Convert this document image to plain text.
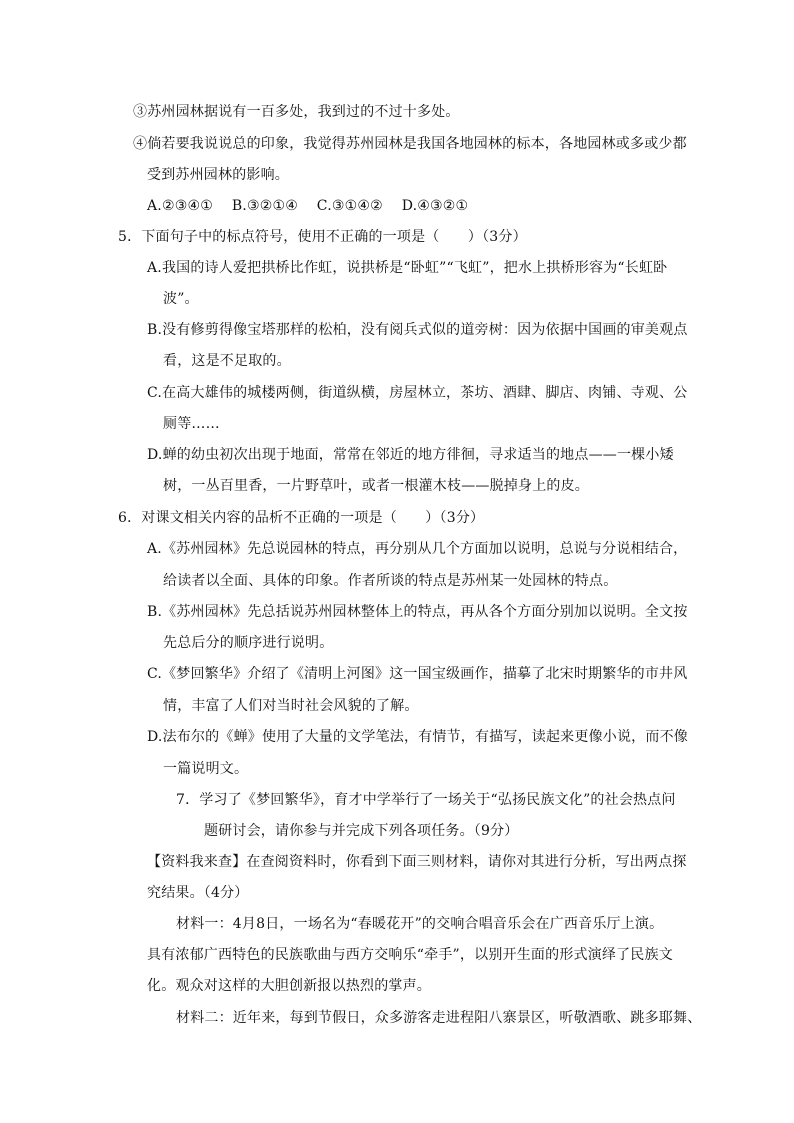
③苏州园林据说有一百多处，我到过的不过十多处。
④倘若要我说说总的印象，我觉得苏州园林是我国各地园林的标本，各地园林或多或少都
受到苏州园林的影响。
A.②③④①　 B.③②①④　 C.③①④②　 D.④③②①
5．下面句子中的标点符号，使用不正确的一项是（　　）（3分）
A.我国的诗人爱把拱桥比作虹，说拱桥是“卧虹”“飞虹”，把水上拱桥形容为“长虹卧
波”。
B.没有修剪得像宝塔那样的松柏，没有阅兵式似的道旁树：因为依据中国画的审美观点
看，这是不足取的。
C.在高大雄伟的城楼两侧，街道纵横，房屋林立，茶坊、酒肆、脚店、肉铺、寺观、公
厕等……
D.蝉的幼虫初次出现于地面，常常在邻近的地方徘徊，寻求适当的地点——一棵小矮
树，一丛百里香，一片野草叶，或者一根灌木枝——脱掉身上的皮。
6．对课文相关内容的品析不正确的一项是（　　）（3分）
A.《苏州园林》先总说园林的特点，再分别从几个方面加以说明，总说与分说相结合，
给读者以全面、具体的印象。作者所谈的特点是苏州某一处园林的特点。
B.《苏州园林》先总括说苏州园林整体上的特点，再从各个方面分别加以说明。全文按
先总后分的顺序进行说明。
C.《梦回繁华》介绍了《清明上河图》这一国宝级画作，描摹了北宋时期繁华的市井风
情，丰富了人们对当时社会风貌的了解。
D.法布尔的《蝉》使用了大量的文学笔法，有情节，有描写，读起来更像小说，而不像
一篇说明文。
7．学习了《梦回繁华》，育才中学举行了一场关于“弘扬民族文化”的社会热点问
题研讨会，请你参与并完成下列各项任务。（9分）
【资料我来查】在查阅资料时，你看到下面三则材料，请你对其进行分析，写出两点探
究结果。（4分）
材料一：4月8日，一场名为“春暖花开”的交响合唱音乐会在广西音乐厅上演。
具有浓郁广西特色的民族歌曲与西方交响乐“牵手”，以别开生面的形式演绎了民族文
化。观众对这样的大胆创新报以热烈的掌声。
材料二：近年来，每到节假日，众多游客走进程阳八寨景区，听敬酒歌、跳多耶舞、
